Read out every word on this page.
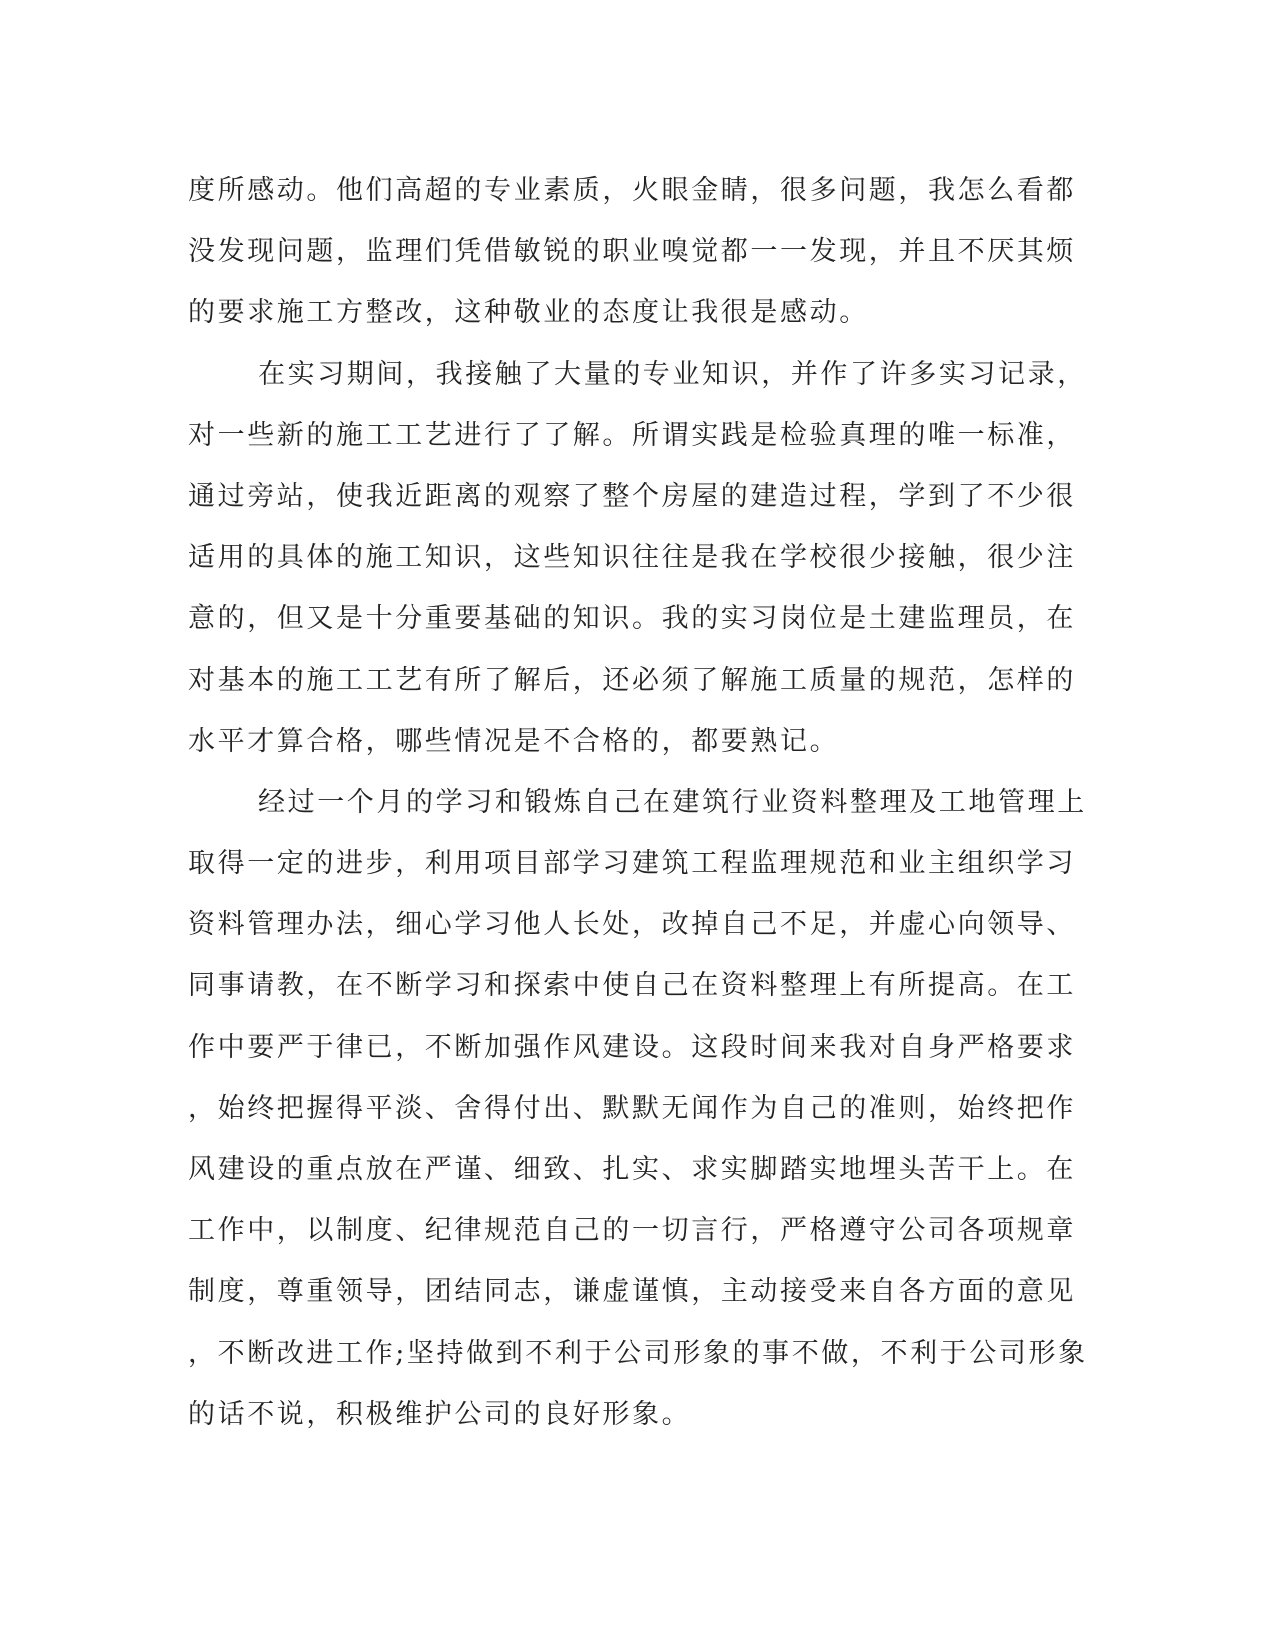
度所感动。他们高超的专业素质，火眼金睛，很多问题，我怎么看都
没发现问题，监理们凭借敏锐的职业嗅觉都一一发现，并且不厌其烦
的要求施工方整改，这种敬业的态度让我很是感动。
在实习期间，我接触了大量的专业知识，并作了许多实习记录，
对一些新的施工工艺进行了了解。所谓实践是检验真理的唯一标准，
通过旁站，使我近距离的观察了整个房屋的建造过程，学到了不少很
适用的具体的施工知识，这些知识往往是我在学校很少接触，很少注
意的，但又是十分重要基础的知识。我的实习岗位是土建监理员，在
对基本的施工工艺有所了解后，还必须了解施工质量的规范，怎样的
水平才算合格，哪些情况是不合格的，都要熟记。
经过一个月的学习和锻炼自己在建筑行业资料整理及工地管理上
取得一定的进步，利用项目部学习建筑工程监理规范和业主组织学习
资料管理办法，细心学习他人长处，改掉自己不足，并虚心向领导、
同事请教，在不断学习和探索中使自己在资料整理上有所提高。在工
作中要严于律已，不断加强作风建设。这段时间来我对自身严格要求
，始终把握得平淡、舍得付出、默默无闻作为自己的准则，始终把作
风建设的重点放在严谨、细致、扎实、求实脚踏实地埋头苦干上。在
工作中，以制度、纪律规范自己的一切言行，严格遵守公司各项规章
制度，尊重领导，团结同志，谦虚谨慎，主动接受来自各方面的意见
，不断改进工作;坚持做到不利于公司形象的事不做，不利于公司形象
的话不说，积极维护公司的良好形象。
